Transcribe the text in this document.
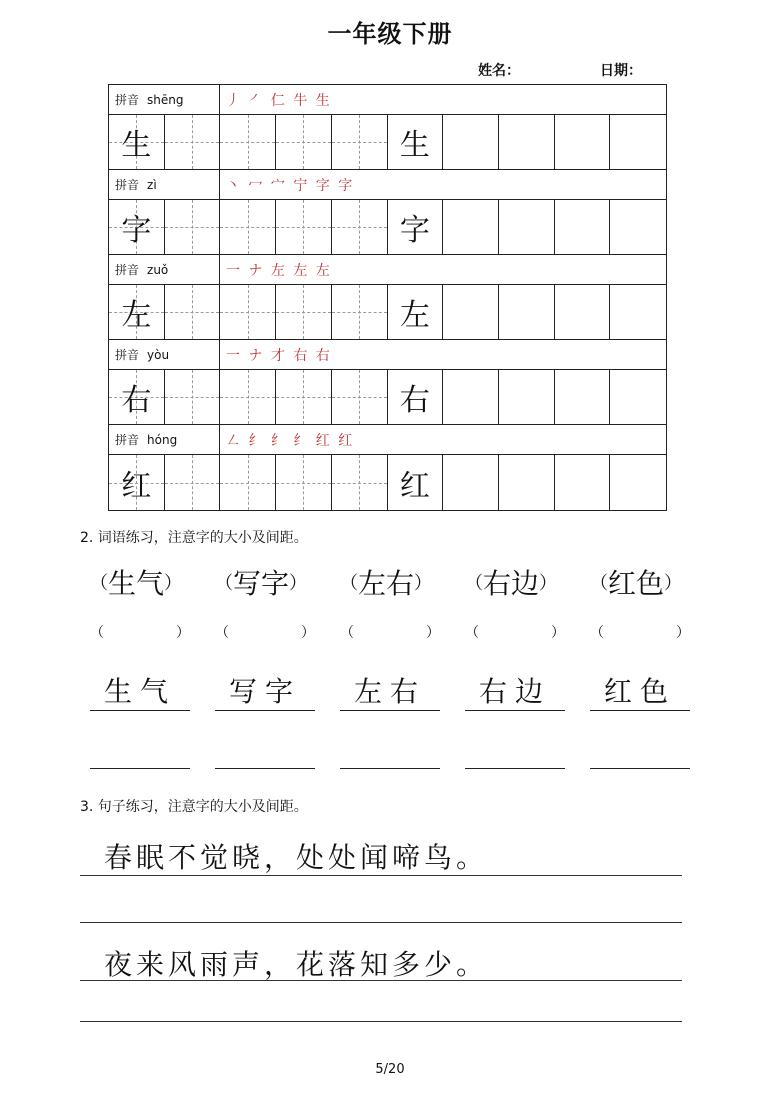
一年级下册
姓名：	日期：
拼音 shēng	丿 ㇒ 仁 牛 生
生	生
拼音 zì	丶 冖 宀 宁 字 字
字	字
拼音 zuǒ	一 ナ 左 左 左
左	左
拼音 yòu	一 ナ 才 右 右
右	右
拼音 hóng	㇜ 纟 纟 纟 红 红
红	红
2. 词语练习，注意字的大小及间距。
（生气）	（写字）	（左右）	（右边）	（红色）
（	） （	） （	） （	） （	）
生气	写字	左右	右边	红色
3. 句子练习，注意字的大小及间距。
春眠不觉晓，处处闻啼鸟。
夜来风雨声，花落知多少。
5/20
